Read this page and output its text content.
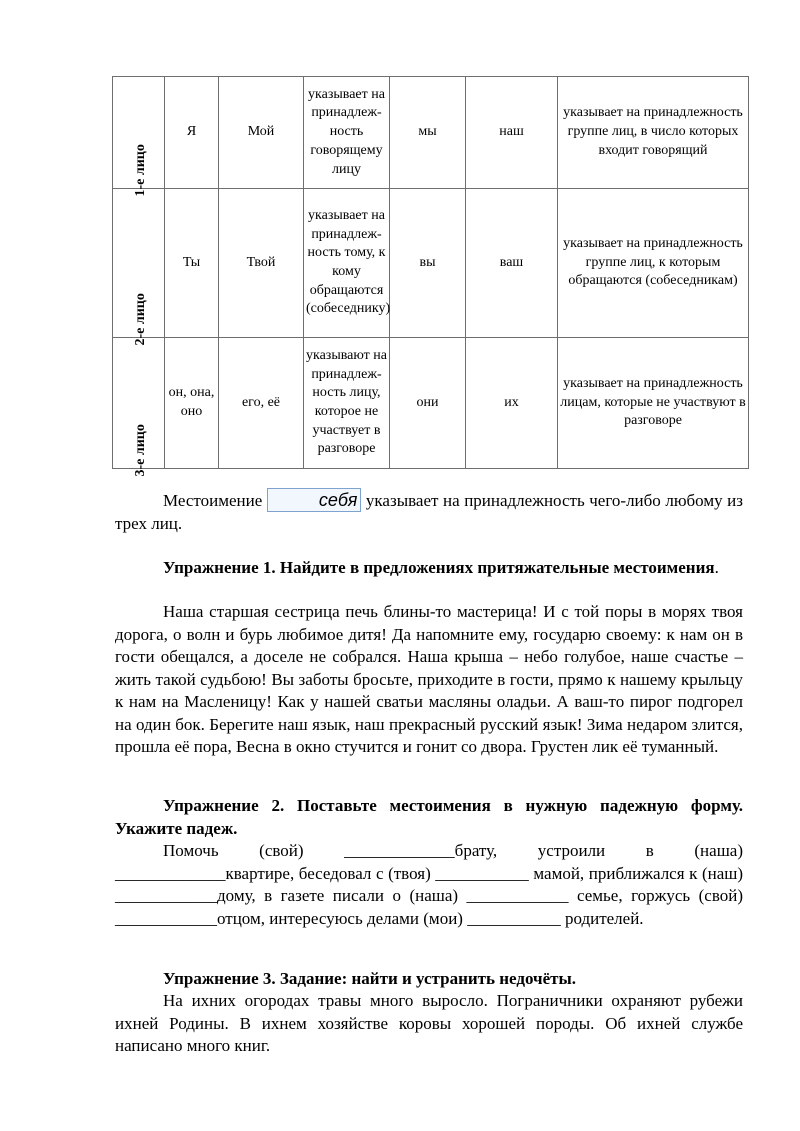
1-е лицо	Я	Мой	указывает на принадлеж-ность говорящему лицу	мы	наш	указывает на принадлежность группе лиц, в число которых входит говорящий
2-е лицо	Ты	Твой	указывает на принадлеж-ность тому, к кому обращаются (собеседнику)	вы	ваш	указывает на принадлежность группе лиц, к которым обращаются (собеседникам)
3-е лицо	он, она, оно	его, её	указывают на принадлеж-ность лицу, которое не участвует в разговоре	они	их	указывает на принадлежность лицам, которые не участвуют в разговоре

Местоимение	себя указывает на принадлежность чего-либо любому из трех лиц.

Упражнение 1. Найдите в предложениях притяжательные местоимения.

Наша старшая сестрица печь блины-то мастерица! И с той поры в морях твоя дорога, о волн и бурь любимое дитя! Да напомните ему, государю своему: к нам он в гости обещался, а доселе не собрался. Наша крыша – небо голубое, наше счастье – жить такой судьбою! Вы заботы бросьте, приходите в гости, прямо к нашему крыльцу к нам на Масленицу! Как у нашей сватьи масляны оладьи. А ваш-то пирог подгорел на один бок. Берегите наш язык, наш прекрасный русский язык! Зима недаром злится, прошла её пора, Весна в окно стучится и гонит со двора. Грустен лик её туманный.

Упражнение 2. Поставьте местоимения в нужную падежную форму. Укажите падеж.

Помочь (свой) _____________брату, устроили в (наша) _____________квартире, беседовал с (твоя) ___________ мамой, приближался к (наш) ____________дому, в газете писали о (наша) ____________ семье, горжусь (свой) ____________отцом, интересуюсь делами (мои) ___________ родителей.

Упражнение 3. Задание: найти и устранить недочёты.

На ихних огородах травы много выросло. Пограничники охраняют рубежи ихней Родины. В ихнем хозяйстве коровы хорошей породы. Об ихней службе написано много книг.
